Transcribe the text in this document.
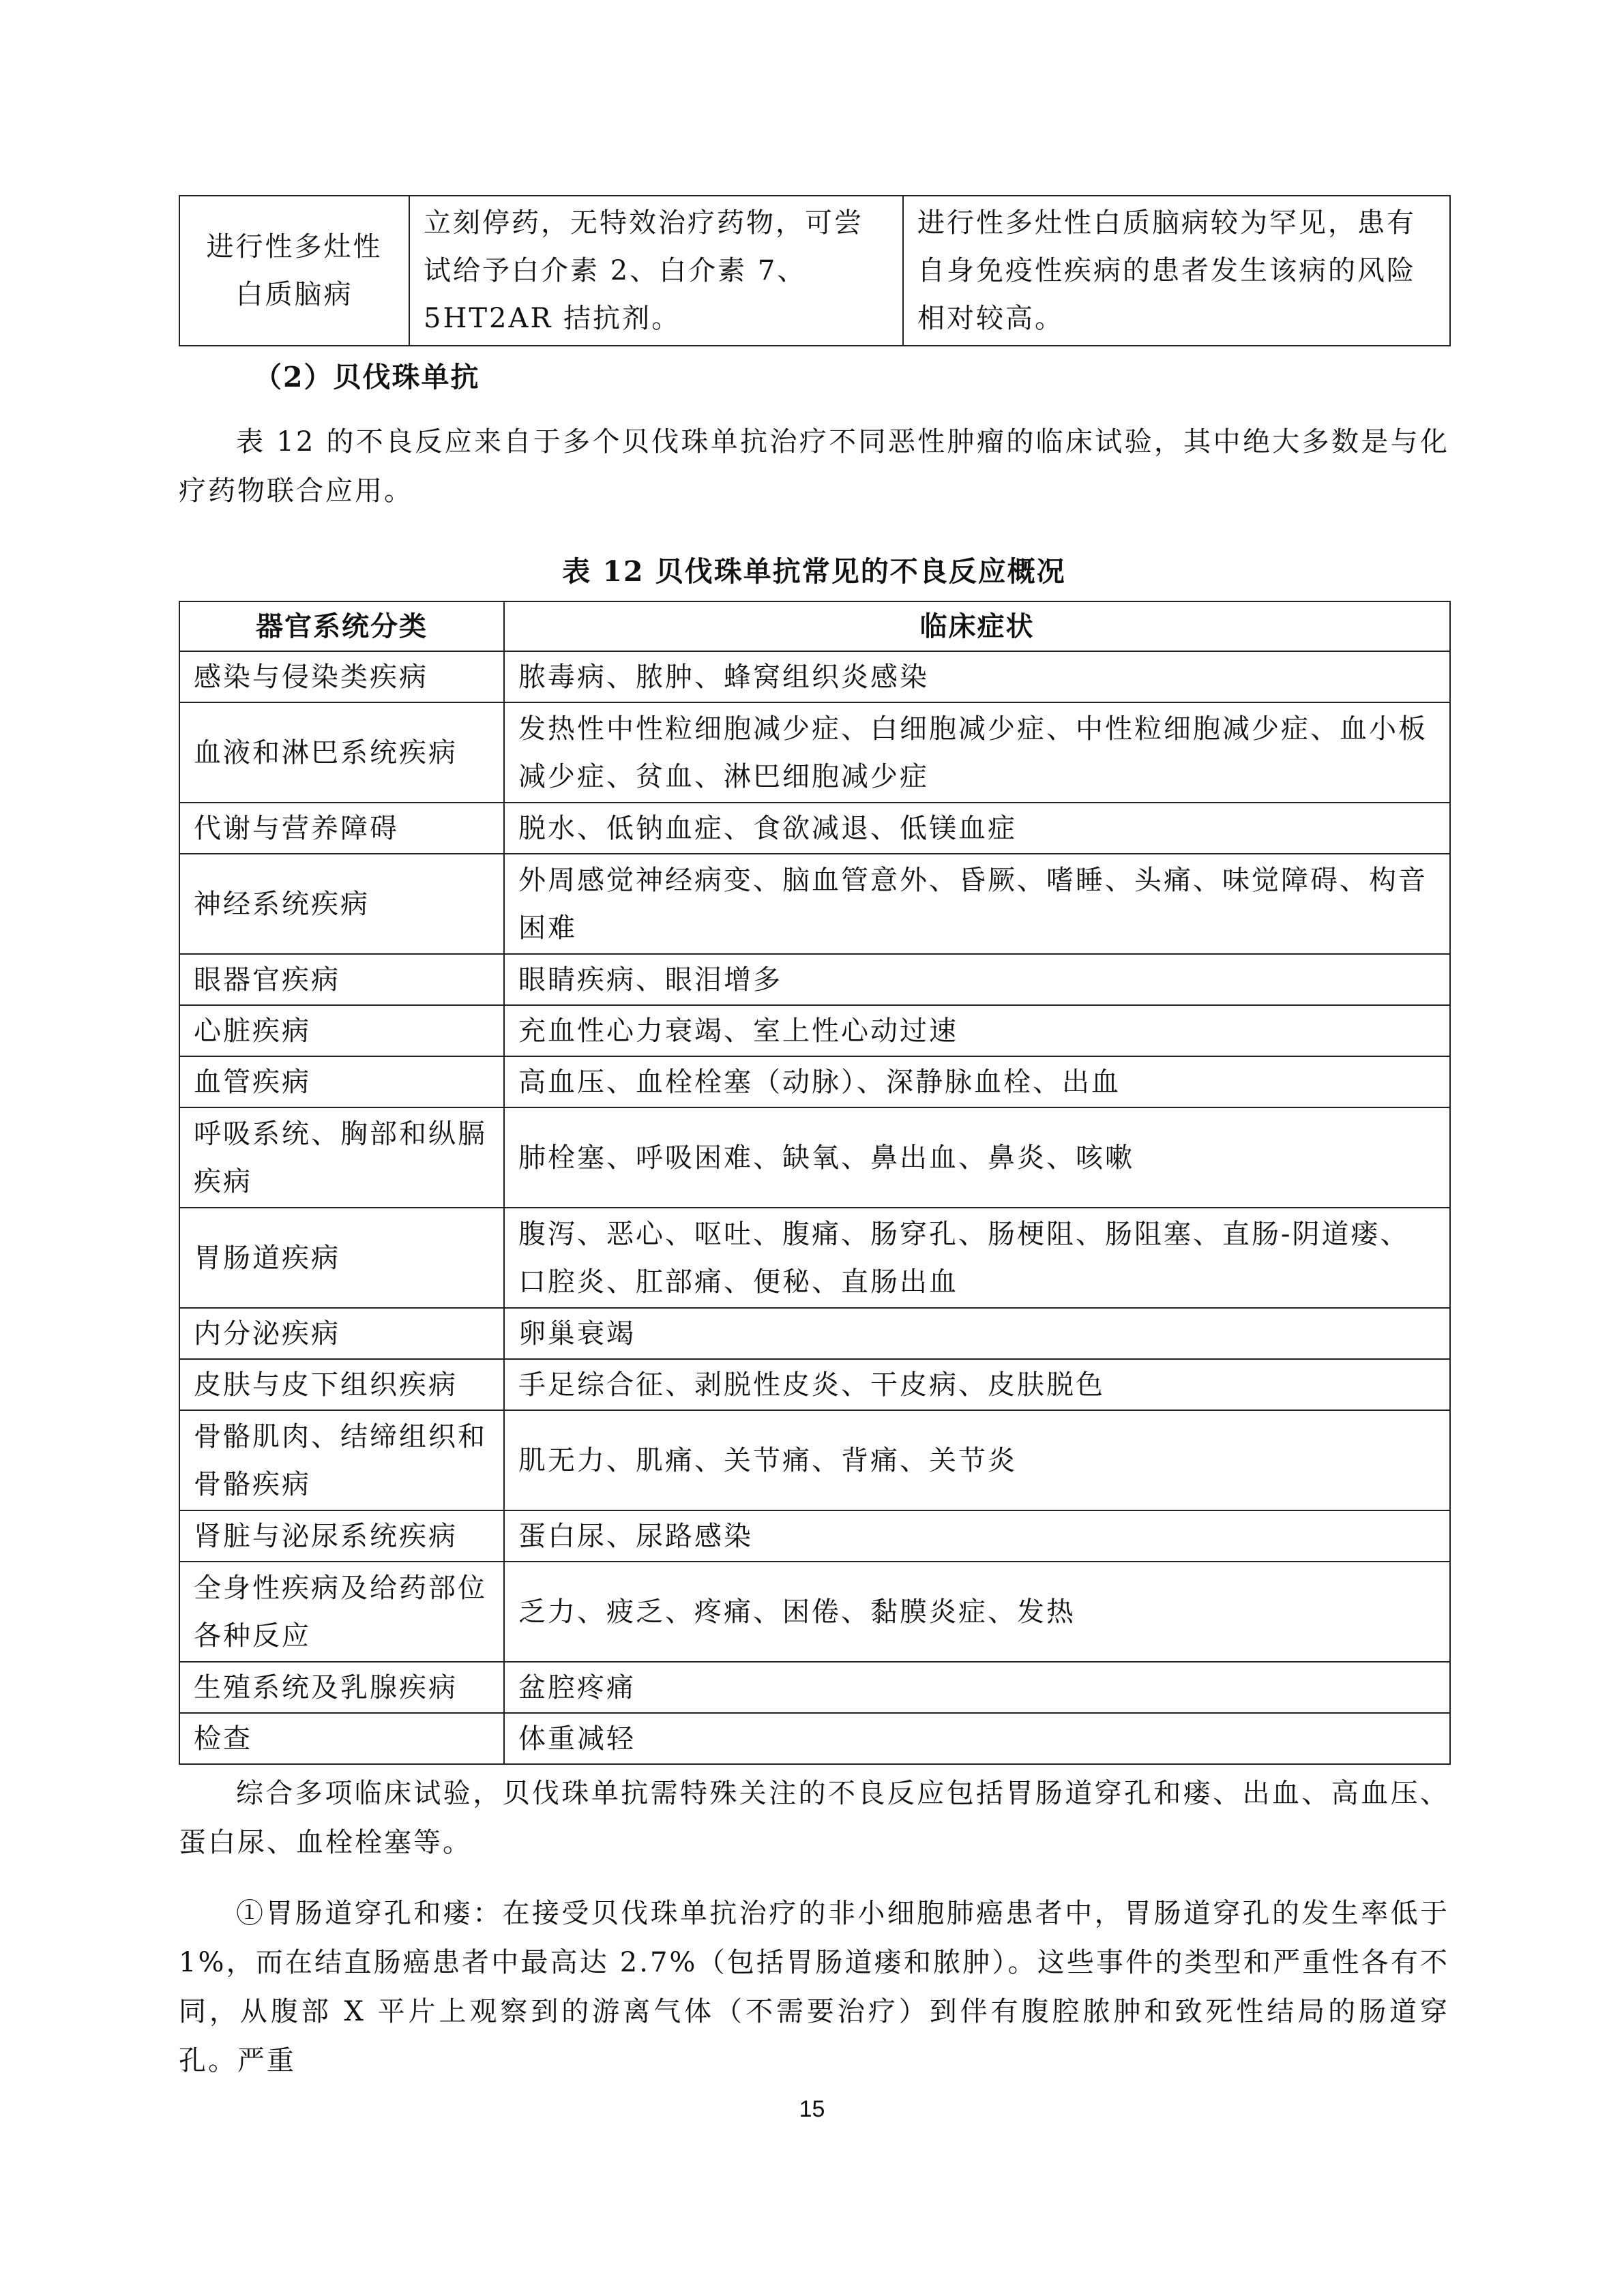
进行性多灶性
白质脑病	立刻停药，无特效治疗药物，可尝试给予白介素 2、白介素 7、5HT2AR 拮抗剂。	进行性多灶性白质脑病较为罕见，患有自身免疫性疾病的患者发生该病的风险相对较高。
（2）贝伐珠单抗
表 12 的不良反应来自于多个贝伐珠单抗治疗不同恶性肿瘤的临床试验，其中绝大多数是与化疗药物联合应用。
表 12 贝伐珠单抗常见的不良反应概况
器官系统分类	临床症状
感染与侵染类疾病	脓毒病、脓肿、蜂窝组织炎感染
血液和淋巴系统疾病	发热性中性粒细胞减少症、白细胞减少症、中性粒细胞减少症、血小板减少症、贫血、淋巴细胞减少症
代谢与营养障碍	脱水、低钠血症、食欲减退、低镁血症
神经系统疾病	外周感觉神经病变、脑血管意外、昏厥、嗜睡、头痛、味觉障碍、构音困难
眼器官疾病	眼睛疾病、眼泪增多
心脏疾病	充血性心力衰竭、室上性心动过速
血管疾病	高血压、血栓栓塞（动脉）、深静脉血栓、出血
呼吸系统、胸部和纵膈疾病	肺栓塞、呼吸困难、缺氧、鼻出血、鼻炎、咳嗽
胃肠道疾病	腹泻、恶心、呕吐、腹痛、肠穿孔、肠梗阻、肠阻塞、直肠-阴道瘘、口腔炎、肛部痛、便秘、直肠出血
内分泌疾病	卵巢衰竭
皮肤与皮下组织疾病	手足综合征、剥脱性皮炎、干皮病、皮肤脱色
骨骼肌肉、结缔组织和骨骼疾病	肌无力、肌痛、关节痛、背痛、关节炎
肾脏与泌尿系统疾病	蛋白尿、尿路感染
全身性疾病及给药部位各种反应	乏力、疲乏、疼痛、困倦、黏膜炎症、发热
生殖系统及乳腺疾病	盆腔疼痛
检查	体重减轻
综合多项临床试验，贝伐珠单抗需特殊关注的不良反应包括胃肠道穿孔和瘘、出血、高血压、蛋白尿、血栓栓塞等。
①胃肠道穿孔和瘘：在接受贝伐珠单抗治疗的非小细胞肺癌患者中，胃肠道穿孔的发生率低于 1%，而在结直肠癌患者中最高达 2.7%（包括胃肠道瘘和脓肿）。这些事件的类型和严重性各有不同，从腹部 X 平片上观察到的游离气体（不需要治疗）到伴有腹腔脓肿和致死性结局的肠道穿孔。严重
15
